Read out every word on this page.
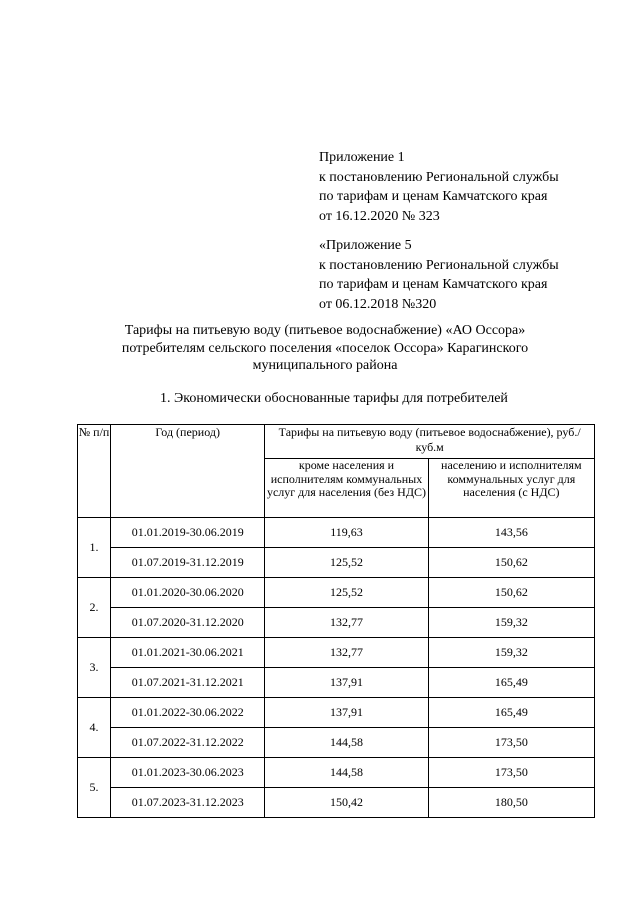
Приложение 1
к постановлению Региональной службы
по тарифам и ценам Камчатского края
от 16.12.2020 № 323
«Приложение 5
к постановлению Региональной службы
по тарифам и ценам Камчатского края
от 06.12.2018 №320
Тарифы на питьевую воду (питьевое водоснабжение) «АО Оссора»
потребителям сельского поселения «поселок Оссора» Карагинского
муниципального района
1. Экономически обоснованные тарифы для потребителей
№ п/п	Год (период)	Тарифы на питьевую воду (питьевое водоснабжение), руб./куб.м	
		кроме населения и исполнителям коммунальных услуг для населения (без НДС)	населению и исполнителям коммунальных услуг для населения (с НДС)
1.	01.01.2019-30.06.2019	119,63	143,56
	01.07.2019-31.12.2019	125,52	150,62
2.	01.01.2020-30.06.2020	125,52	150,62
	01.07.2020-31.12.2020	132,77	159,32
3.	01.01.2021-30.06.2021	132,77	159,32
	01.07.2021-31.12.2021	137,91	165,49
4.	01.01.2022-30.06.2022	137,91	165,49
	01.07.2022-31.12.2022	144,58	173,50
5.	01.01.2023-30.06.2023	144,58	173,50
	01.07.2023-31.12.2023	150,42	180,50
